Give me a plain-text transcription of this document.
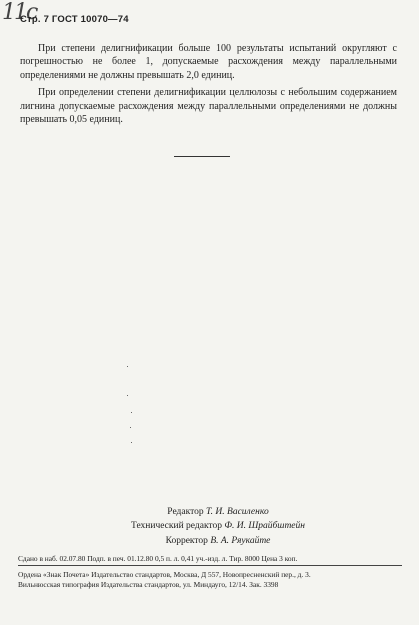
11с
Стр. 7 ГОСТ 10070—74

При степени делигнификации больше 100 результаты испытаний округляют с погрешностью не более 1, допускаемые расхождения между параллельными определениями не должны превышать 2,0 единиц.

При определении степени делигнификации целлюлозы с небольшим содержанием лигнина допускаемые расхождения между параллельными определениями не должны превышать 0,05 единиц.

Редактор Т. И. Василенко
Технический редактор Ф. И. Шрайбштейн
Корректор В. А. Ряукайте
Сдано в наб. 02.07.80 Подп. в печ. 01.12.80 0,5 п. л. 0,41 уч.-изд. л. Тир. 8000 Цена 3 коп.
Ордена «Знак Почета» Издательство стандартов, Москва, Д 557, Новопресненский пер., д. 3.
Вильнюсская типография Издательства стандартов, ул. Миндауго, 12/14. Зак. 3398
